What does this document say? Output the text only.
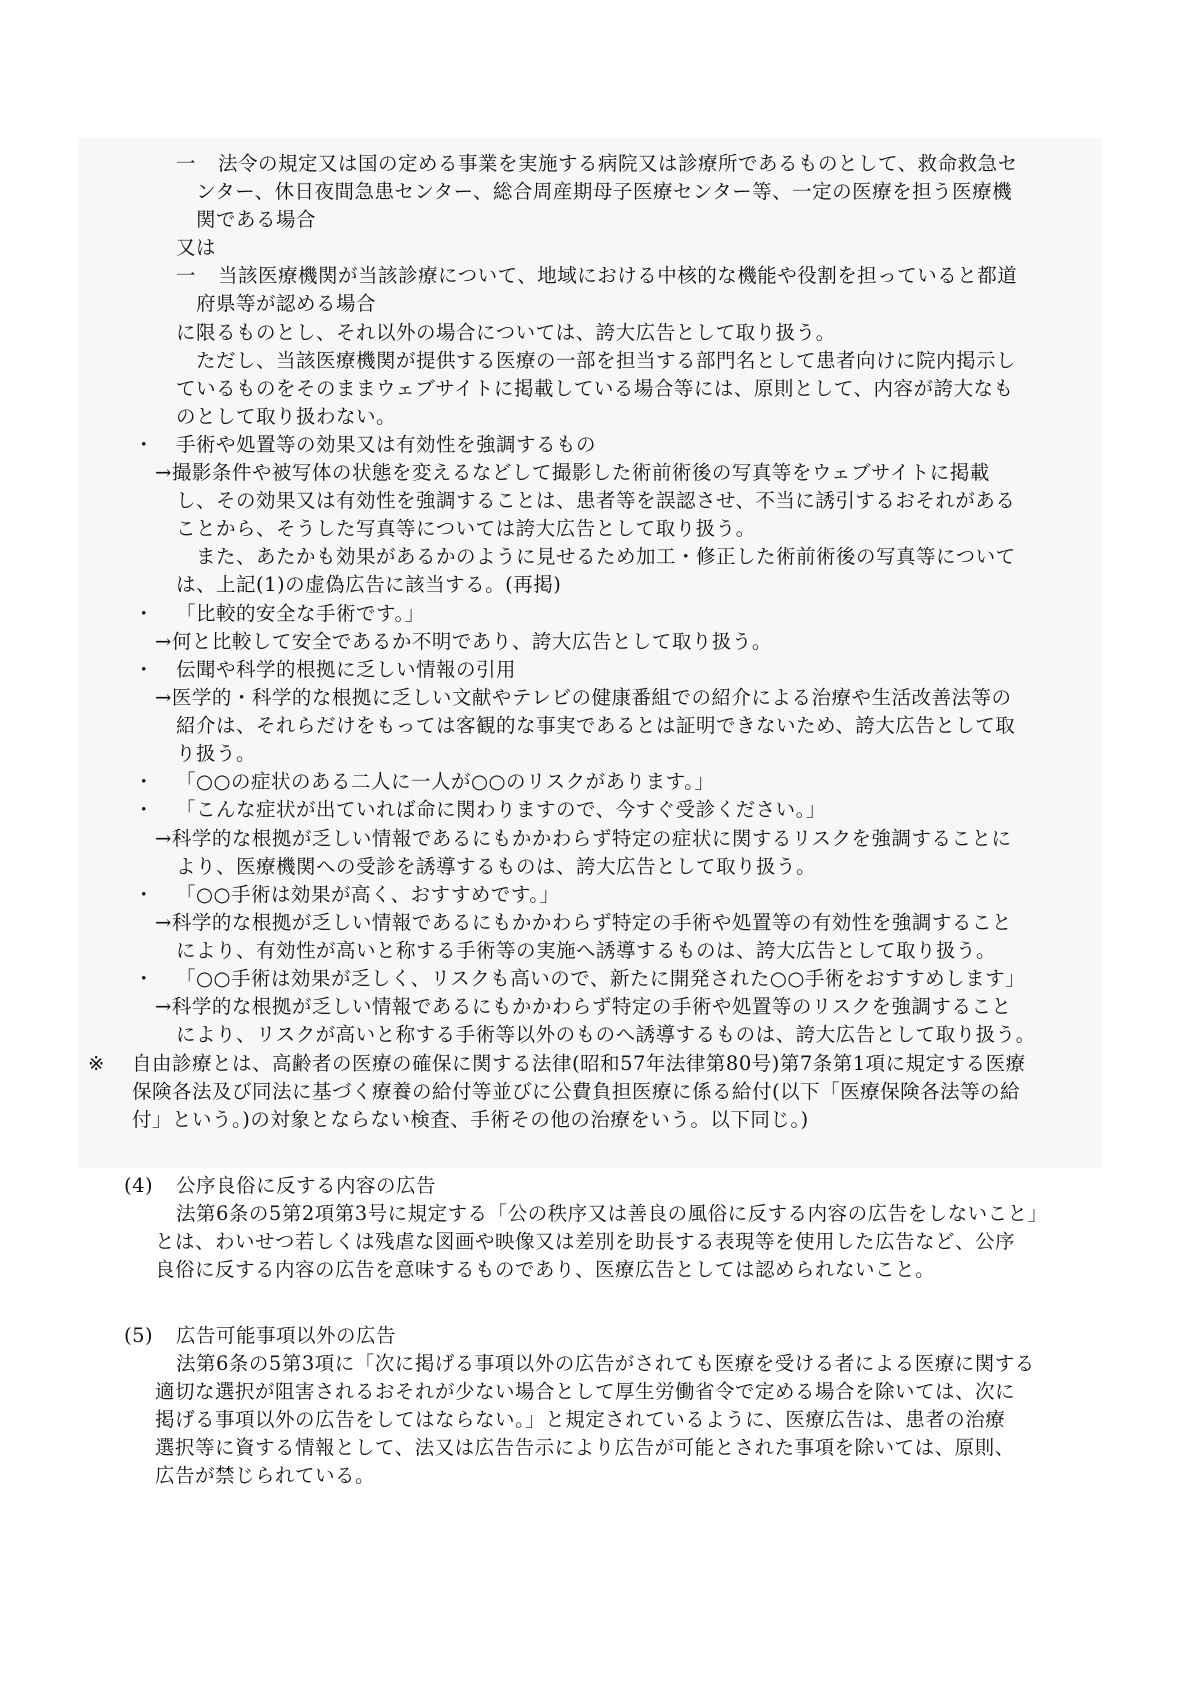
一 法令の規定又は国の定める事業を実施する病院又は診療所であるものとして、救命救急セ
ンター、休日夜間急患センター、総合周産期母子医療センター等、一定の医療を担う医療機
関である場合
又は
一 当該医療機関が当該診療について、地域における中核的な機能や役割を担っていると都道
府県等が認める場合
に限るものとし、それ以外の場合については、誇大広告として取り扱う。
ただし、当該医療機関が提供する医療の一部を担当する部門名として患者向けに院内掲示し
ているものをそのままウェブサイトに掲載している場合等には、原則として、内容が誇大なも
のとして取り扱わない。
・ 手術や処置等の効果又は有効性を強調するもの
→撮影条件や被写体の状態を変えるなどして撮影した術前術後の写真等をウェブサイトに掲載
し、その効果又は有効性を強調することは、患者等を誤認させ、不当に誘引するおそれがある
ことから、そうした写真等については誇大広告として取り扱う。
また、あたかも効果があるかのように見せるため加工・修正した術前術後の写真等について
は、上記(1)の虚偽広告に該当する。(再掲)
・ 「比較的安全な手術です。」
→何と比較して安全であるか不明であり、誇大広告として取り扱う。
・ 伝聞や科学的根拠に乏しい情報の引用
→医学的・科学的な根拠に乏しい文献やテレビの健康番組での紹介による治療や生活改善法等の
紹介は、それらだけをもっては客観的な事実であるとは証明できないため、誇大広告として取
り扱う。
・ 「○○の症状のある二人に一人が○○のリスクがあります。」
・ 「こんな症状が出ていれば命に関わりますので、今すぐ受診ください。」
→科学的な根拠が乏しい情報であるにもかかわらず特定の症状に関するリスクを強調することに
より、医療機関への受診を誘導するものは、誇大広告として取り扱う。
・ 「○○手術は効果が高く、おすすめです。」
→科学的な根拠が乏しい情報であるにもかかわらず特定の手術や処置等の有効性を強調すること
により、有効性が高いと称する手術等の実施へ誘導するものは、誇大広告として取り扱う。
・ 「○○手術は効果が乏しく、リスクも高いので、新たに開発された○○手術をおすすめします」
→科学的な根拠が乏しい情報であるにもかかわらず特定の手術や処置等のリスクを強調すること
により、リスクが高いと称する手術等以外のものへ誘導するものは、誇大広告として取り扱う。
※ 自由診療とは、高齢者の医療の確保に関する法律(昭和57年法律第80号)第7条第1項に規定する医療
保険各法及び同法に基づく療養の給付等並びに公費負担医療に係る給付(以下「医療保険各法等の給
付」という。)の対象とならない検査、手術その他の治療をいう。以下同じ。)
(4) 公序良俗に反する内容の広告
法第6条の5第2項第3号に規定する「公の秩序又は善良の風俗に反する内容の広告をしないこと」
とは、わいせつ若しくは残虐な図画や映像又は差別を助長する表現等を使用した広告など、公序
良俗に反する内容の広告を意味するものであり、医療広告としては認められないこと。
(5) 広告可能事項以外の広告
法第6条の5第3項に「次に掲げる事項以外の広告がされても医療を受ける者による医療に関する
適切な選択が阻害されるおそれが少ない場合として厚生労働省令で定める場合を除いては、次に
掲げる事項以外の広告をしてはならない。」と規定されているように、医療広告は、患者の治療
選択等に資する情報として、法又は広告告示により広告が可能とされた事項を除いては、原則、
広告が禁じられている。
